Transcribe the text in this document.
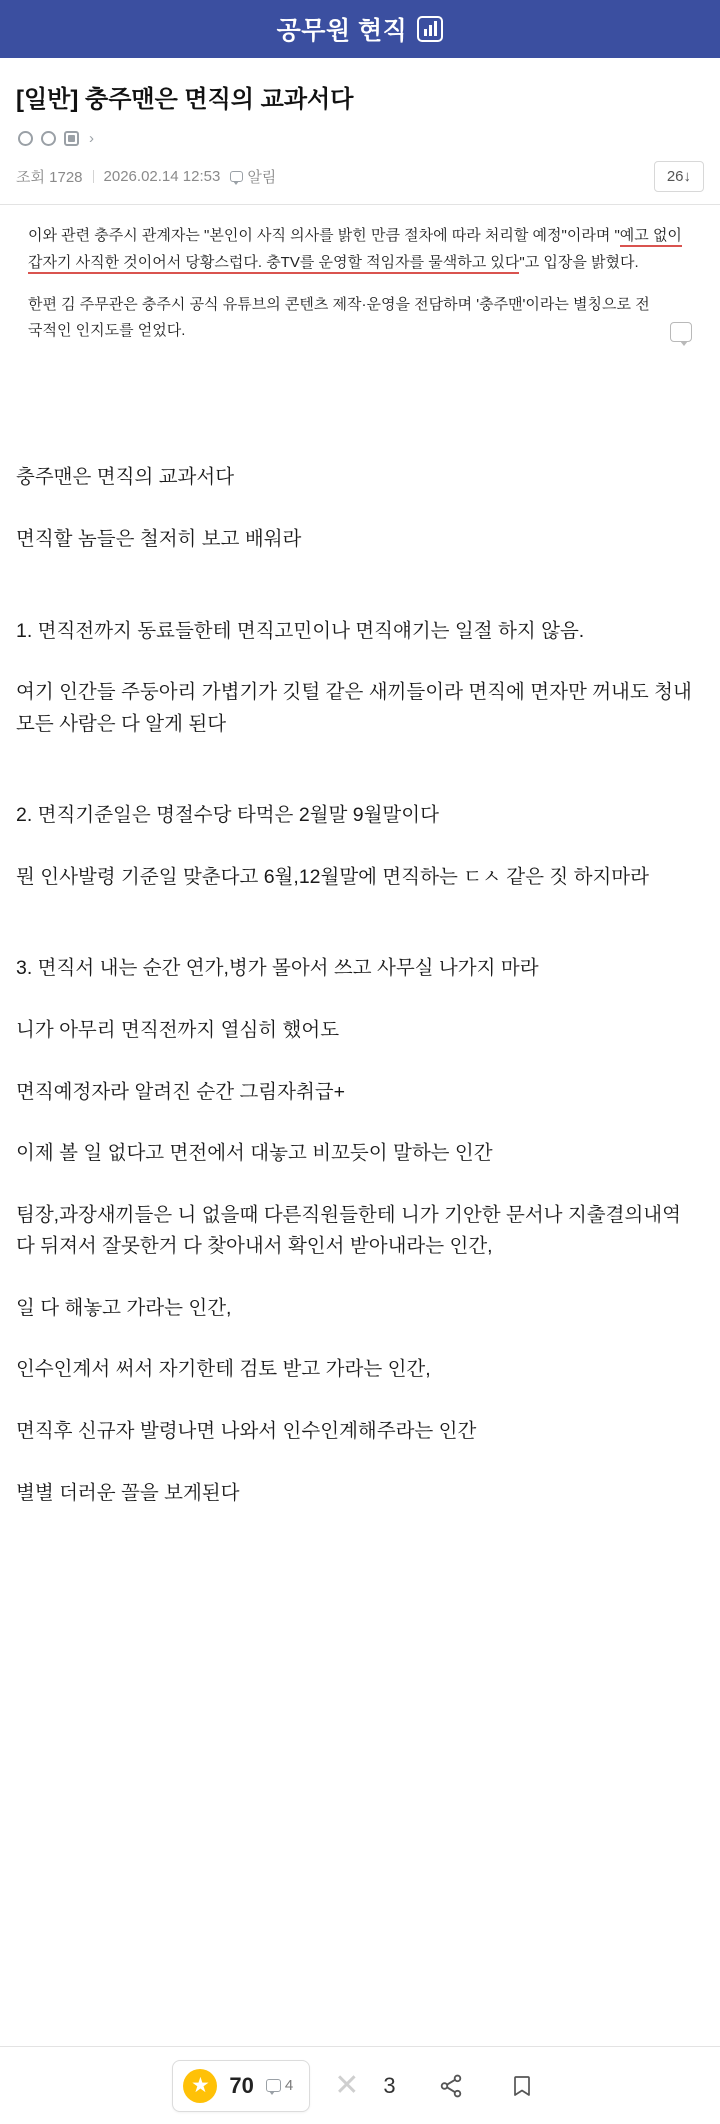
공무원 현직
[일반] 충주맨은 면직의 교과서다
›
조회 1728 2026.02.14 12:53 알림	26↓

이와 관련 충주시 관계자는 "본인이 사직 의사를 밝힌 만큼 절차에 따라 처리할 예정"이라며 "예고 없이 갑자기 사직한 것이어서 당황스럽다. 충TV를 운영할 적임자를 물색하고 있다"고 입장을 밝혔다.

한편 김 주무관은 충주시 공식 유튜브의 콘텐츠 제작·운영을 전담하며 '충주맨'이라는 별칭으로 전국적인 인지도를 얻었다.

충주맨은 면직의 교과서다

면직할 놈들은 철저히 보고 배워라

1. 면직전까지 동료들한테 면직고민이나 면직얘기는 일절 하지 않음.

여기 인간들 주둥아리 가볍기가 깃털 같은 새끼들이라 면직에 면자만 꺼내도 청내 모든 사람은 다 알게 된다

2. 면직기준일은 명절수당 타먹은 2월말 9월말이다

뭔 인사발령 기준일 맞춘다고 6월,12월말에 면직하는 ㄷㅅ 같은 짓 하지마라

3. 면직서 내는 순간 연가,병가 몰아서 쓰고 사무실 나가지 마라

니가 아무리 면직전까지 열심히 했어도

면직예정자라 알려진 순간 그림자취급+

이제 볼 일 없다고 면전에서 대놓고 비꼬듯이 말하는 인간

팀장,과장새끼들은 니 없을때 다른직원들한테 니가 기안한 문서나 지출결의내역 다 뒤져서 잘못한거 다 찾아내서 확인서 받아내라는 인간,

일 다 해놓고 가라는 인간,

인수인계서 써서 자기한테 검토 받고 가라는 인간,

면직후 신규자 발령나면 나와서 인수인계해주라는 인간

별별 더러운 꼴을 보게된다

★ 70 4 ✕ 3
